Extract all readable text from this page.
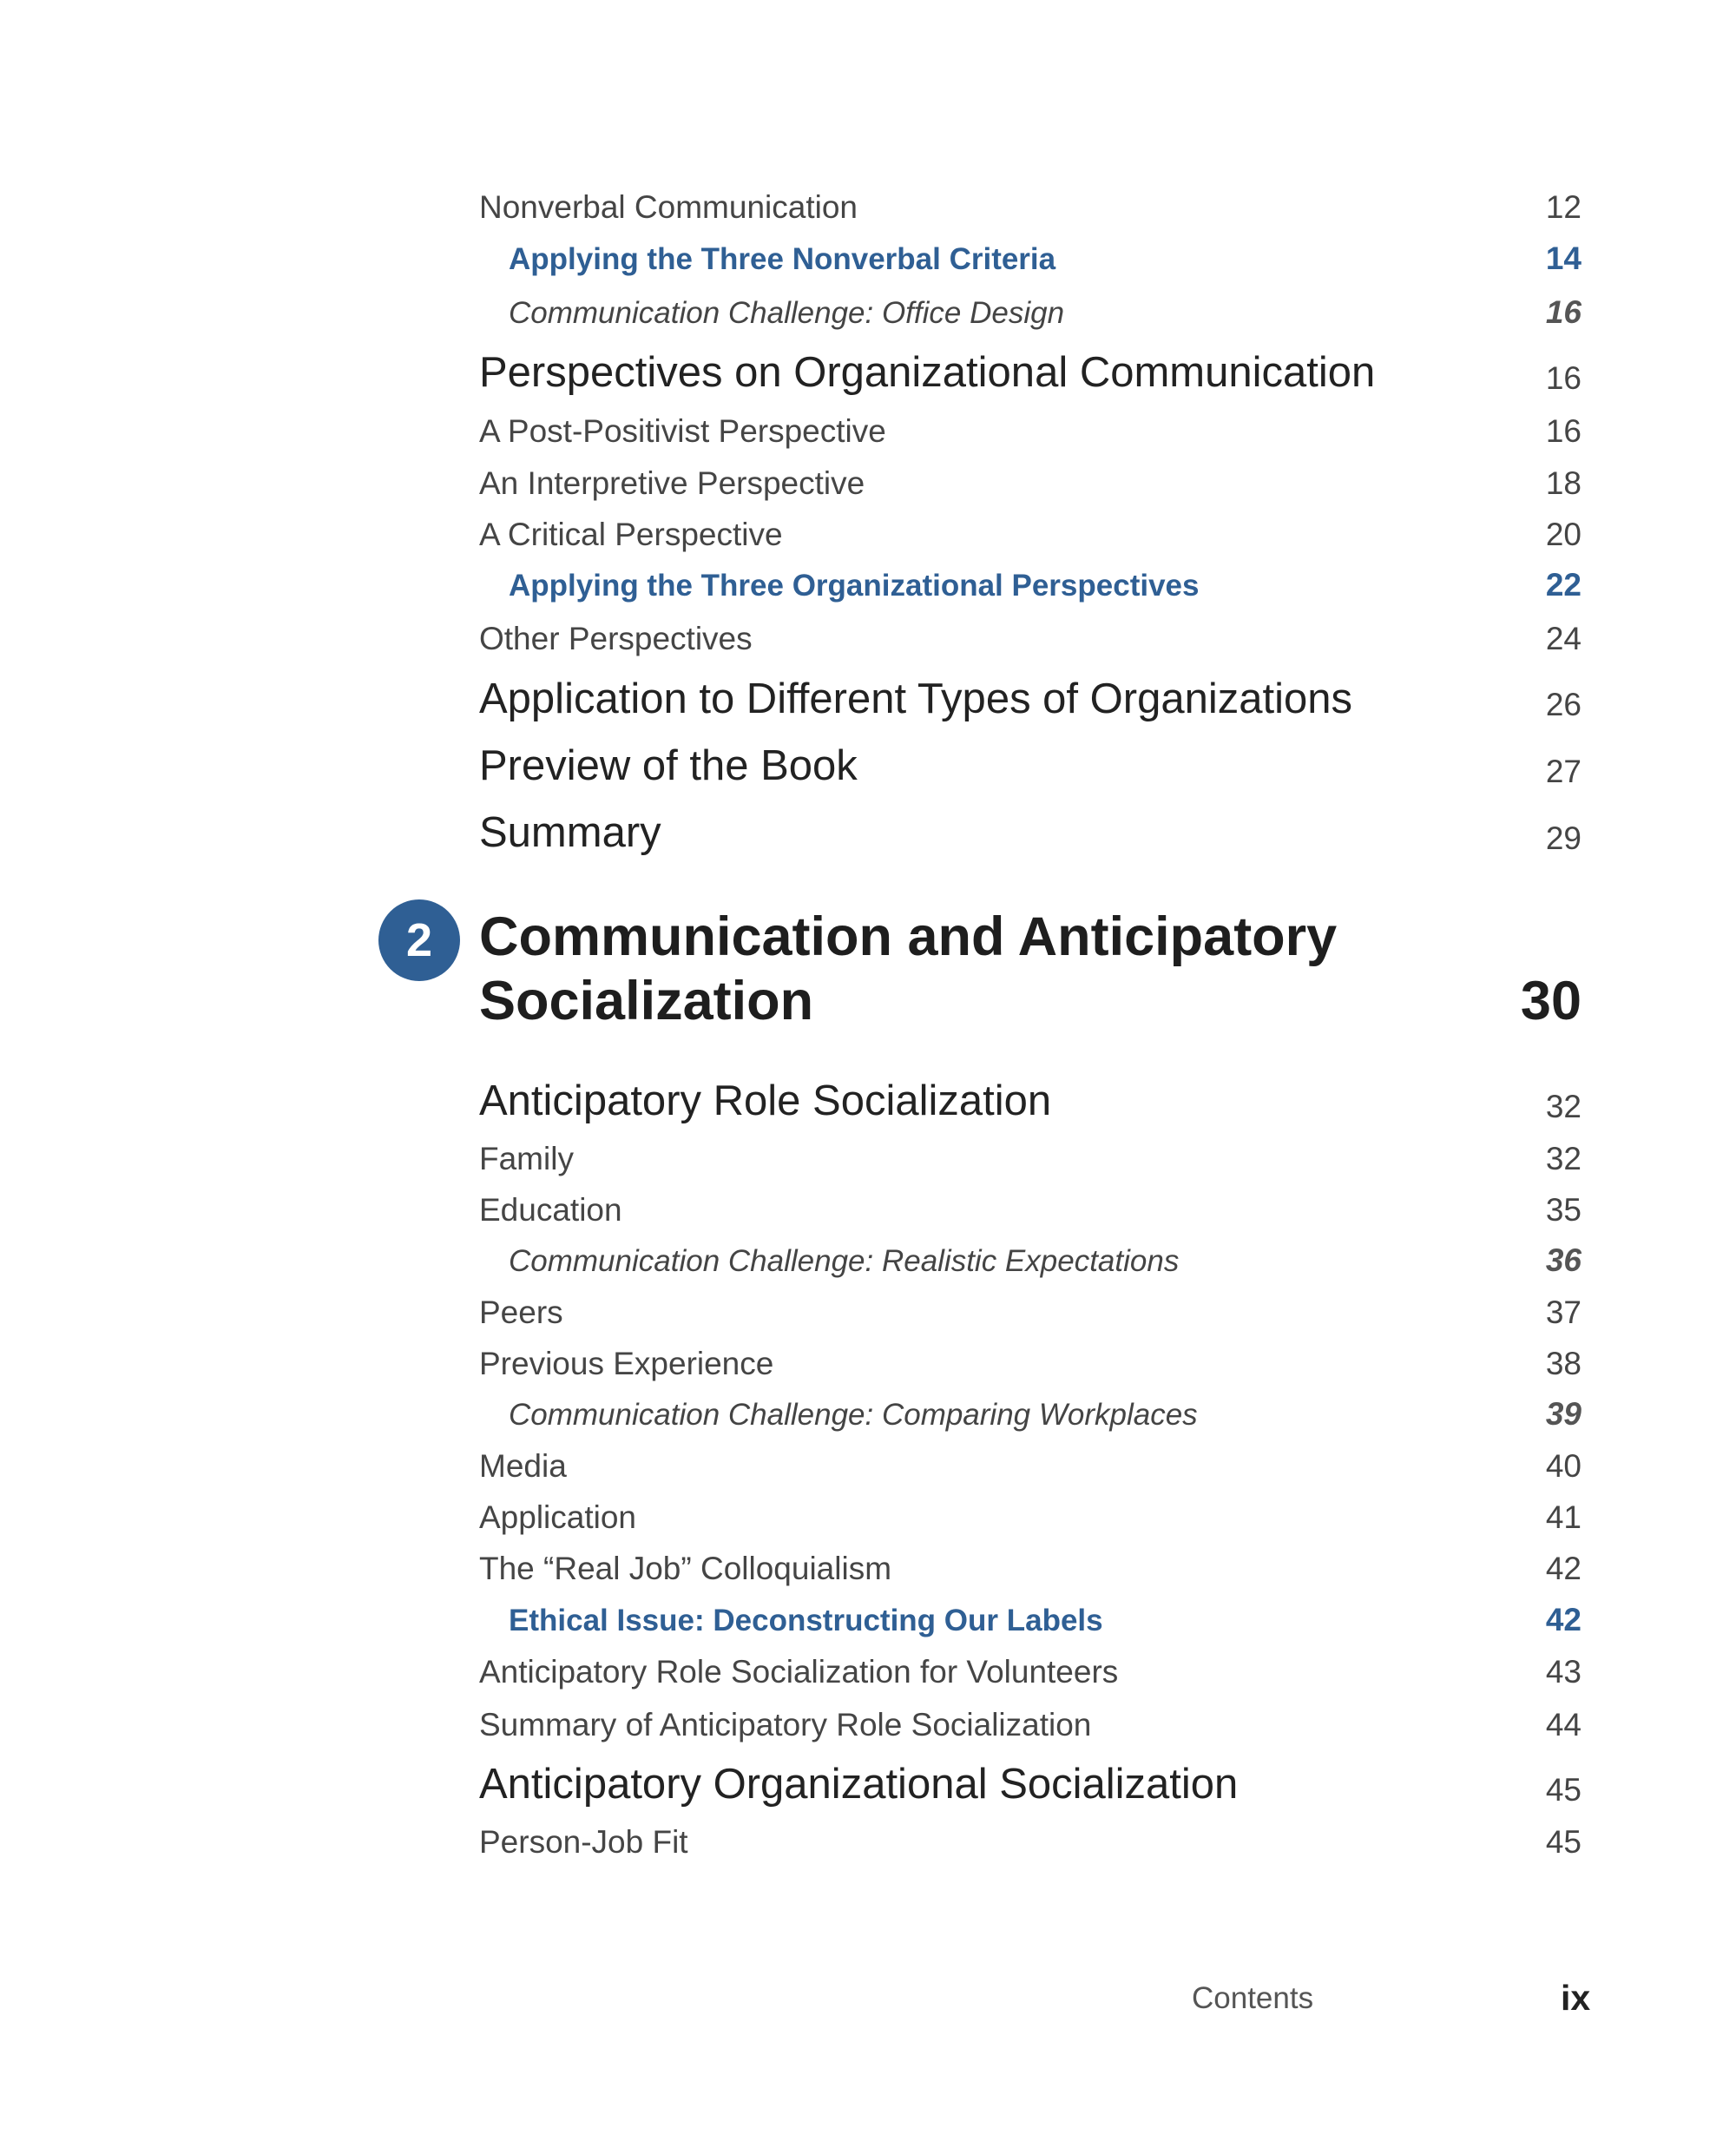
Nonverbal Communication	12
Applying the Three Nonverbal Criteria	14
Communication Challenge: Office Design	16
Perspectives on Organizational Communication	16
A Post-Positivist Perspective	16
An Interpretive Perspective	18
A Critical Perspective	20
Applying the Three Organizational Perspectives	22
Other Perspectives	24
Application to Different Types of Organizations	26
Preview of the Book	27
Summary	29
2 Communication and Anticipatory Socialization	30
Anticipatory Role Socialization	32
Family	32
Education	35
Communication Challenge: Realistic Expectations	36
Peers	37
Previous Experience	38
Communication Challenge: Comparing Workplaces	39
Media	40
Application	41
The “Real Job” Colloquialism	42
Ethical Issue: Deconstructing Our Labels	42
Anticipatory Role Socialization for Volunteers	43
Summary of Anticipatory Role Socialization	44
Anticipatory Organizational Socialization	45
Person-Job Fit	45
Contents	ix
